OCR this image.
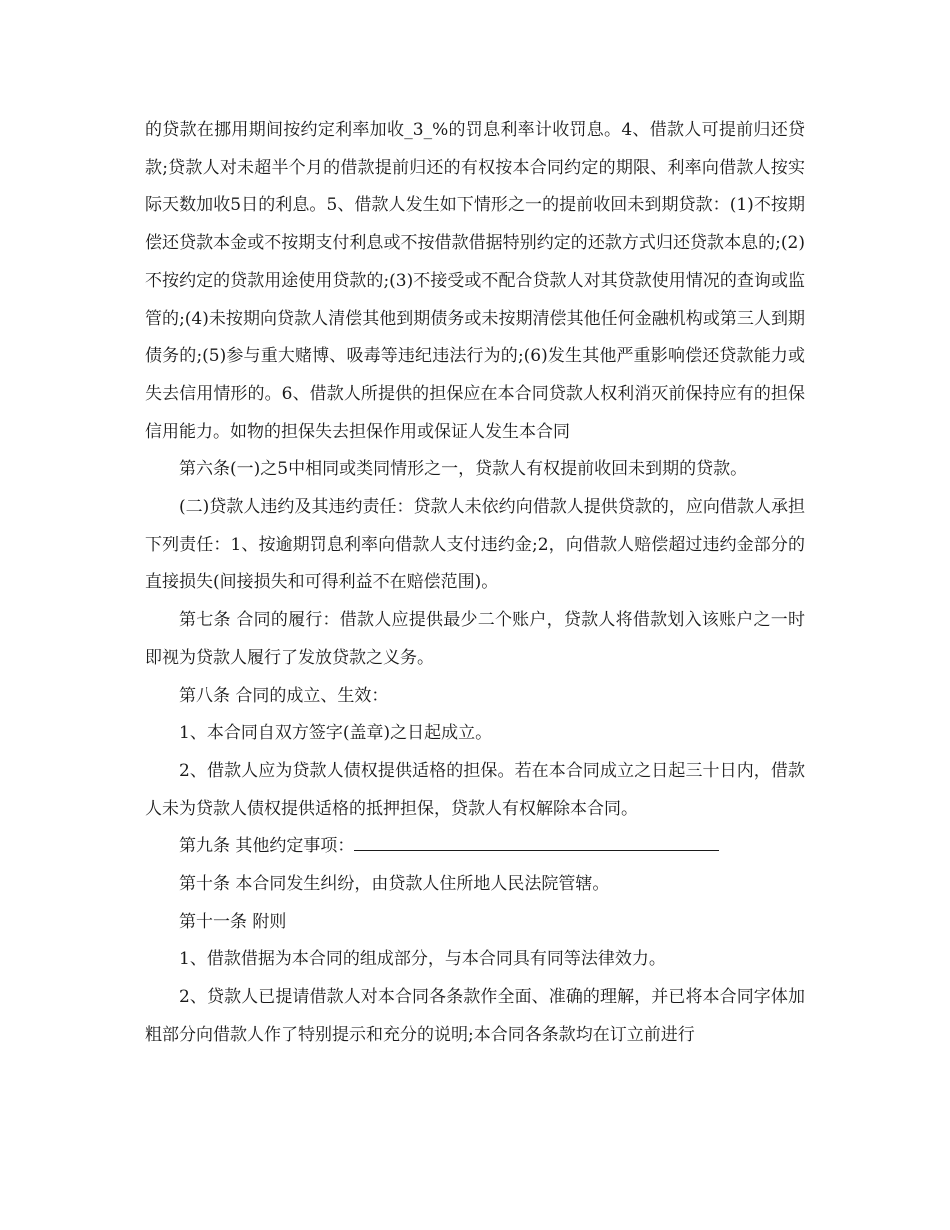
的贷款在挪用期间按约定利率加收_3_%的罚息利率计收罚息。4、借款人可提前归还贷款;贷款人对未超半个月的借款提前归还的有权按本合同约定的期限、利率向借款人按实际天数加收5日的利息。5、借款人发生如下情形之一的提前收回未到期贷款：(1)不按期偿还贷款本金或不按期支付利息或不按借款借据特别约定的还款方式归还贷款本息的;(2)不按约定的贷款用途使用贷款的;(3)不接受或不配合贷款人对其贷款使用情况的查询或监管的;(4)未按期向贷款人清偿其他到期债务或未按期清偿其他任何金融机构或第三人到期债务的;(5)参与重大赌博、吸毒等违纪违法行为的;(6)发生其他严重影响偿还贷款能力或失去信用情形的。6、借款人所提供的担保应在本合同贷款人权利消灭前保持应有的担保信用能力。如物的担保失去担保作用或保证人发生本合同

第六条(一)之5中相同或类同情形之一，贷款人有权提前收回未到期的贷款。

(二)贷款人违约及其违约责任：贷款人未依约向借款人提供贷款的，应向借款人承担下列责任：1、按逾期罚息利率向借款人支付违约金;2，向借款人赔偿超过违约金部分的直接损失(间接损失和可得利益不在赔偿范围)。

第七条 合同的履行：借款人应提供最少二个账户，贷款人将借款划入该账户之一时即视为贷款人履行了发放贷款之义务。

第八条 合同的成立、生效：

1、本合同自双方签字(盖章)之日起成立。

2、借款人应为贷款人债权提供适格的担保。若在本合同成立之日起三十日内，借款人未为贷款人债权提供适格的抵押担保，贷款人有权解除本合同。

第九条 其他约定事项：

第十条 本合同发生纠纷，由贷款人住所地人民法院管辖。

第十一条 附则

1、借款借据为本合同的组成部分，与本合同具有同等法律效力。

2、贷款人已提请借款人对本合同各条款作全面、准确的理解，并已将本合同字体加粗部分向借款人作了特别提示和充分的说明;本合同各条款均在订立前进行
